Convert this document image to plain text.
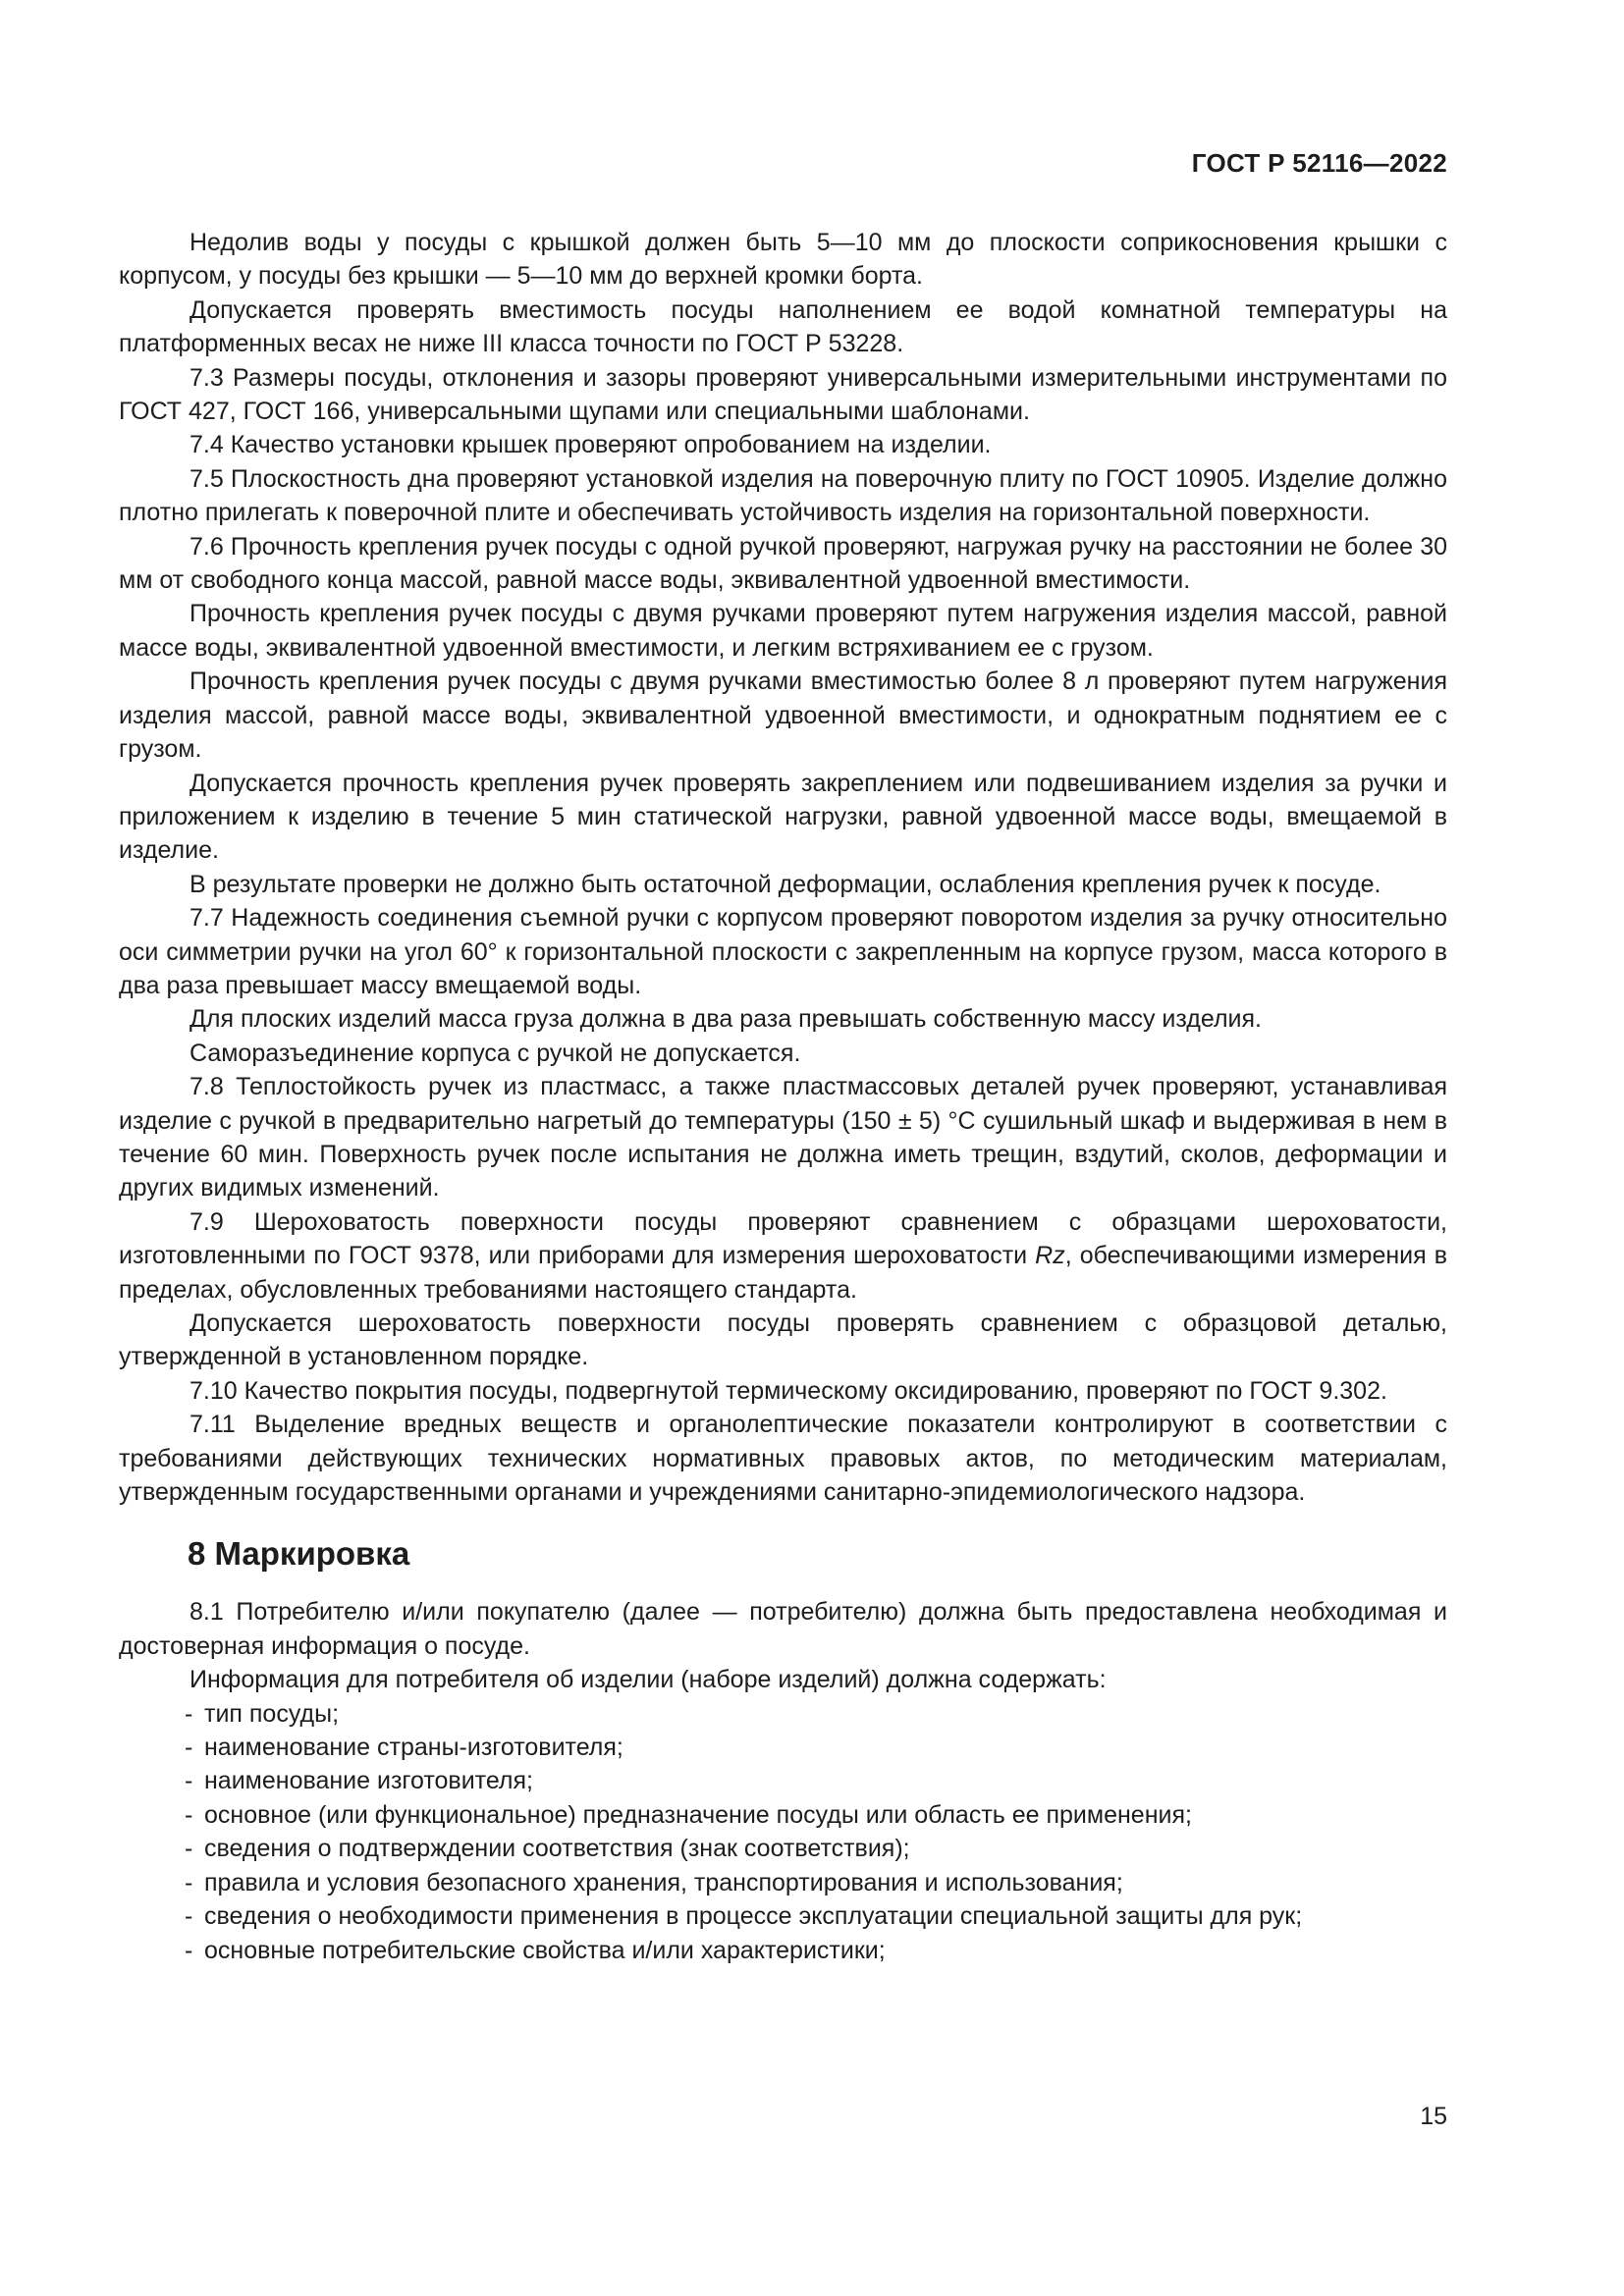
ГОСТ Р 52116—2022

Недолив воды у посуды с крышкой должен быть 5—10 мм до плоскости соприкосновения крышки с корпусом, у посуды без крышки — 5—10 мм до верхней кромки борта.

Допускается проверять вместимость посуды наполнением ее водой комнатной температуры на платформенных весах не ниже III класса точности по ГОСТ Р 53228.

7.3 Размеры посуды, отклонения и зазоры проверяют универсальными измерительными инструментами по ГОСТ 427, ГОСТ 166, универсальными щупами или специальными шаблонами.

7.4 Качество установки крышек проверяют опробованием на изделии.

7.5 Плоскостность дна проверяют установкой изделия на поверочную плиту по ГОСТ 10905. Изделие должно плотно прилегать к поверочной плите и обеспечивать устойчивость изделия на горизонтальной поверхности.

7.6 Прочность крепления ручек посуды с одной ручкой проверяют, нагружая ручку на расстоянии не более 30 мм от свободного конца массой, равной массе воды, эквивалентной удвоенной вместимости.

Прочность крепления ручек посуды с двумя ручками проверяют путем нагружения изделия массой, равной массе воды, эквивалентной удвоенной вместимости, и легким встряхиванием ее с грузом.

Прочность крепления ручек посуды с двумя ручками вместимостью более 8 л проверяют путем нагружения изделия массой, равной массе воды, эквивалентной удвоенной вместимости, и однократным поднятием ее с грузом.

Допускается прочность крепления ручек проверять закреплением или подвешиванием изделия за ручки и приложением к изделию в течение 5 мин статической нагрузки, равной удвоенной массе воды, вмещаемой в изделие.

В результате проверки не должно быть остаточной деформации, ослабления крепления ручек к посуде.

7.7 Надежность соединения съемной ручки с корпусом проверяют поворотом изделия за ручку относительно оси симметрии ручки на угол 60° к горизонтальной плоскости с закрепленным на корпусе грузом, масса которого в два раза превышает массу вмещаемой воды.

Для плоских изделий масса груза должна в два раза превышать собственную массу изделия.

Саморазъединение корпуса с ручкой не допускается.

7.8 Теплостойкость ручек из пластмасс, а также пластмассовых деталей ручек проверяют, устанавливая изделие с ручкой в предварительно нагретый до температуры (150 ± 5) °С сушильный шкаф и выдерживая в нем в течение 60 мин. Поверхность ручек после испытания не должна иметь трещин, вздутий, сколов, деформации и других видимых изменений.

7.9 Шероховатость поверхности посуды проверяют сравнением с образцами шероховатости, изготовленными по ГОСТ 9378, или приборами для измерения шероховатости Rz, обеспечивающими измерения в пределах, обусловленных требованиями настоящего стандарта.

Допускается шероховатость поверхности посуды проверять сравнением с образцовой деталью, утвержденной в установленном порядке.

7.10 Качество покрытия посуды, подвергнутой термическому оксидированию, проверяют по ГОСТ 9.302.

7.11 Выделение вредных веществ и органолептические показатели контролируют в соответствии с требованиями действующих технических нормативных правовых актов, по методическим материалам, утвержденным государственными органами и учреждениями санитарно-эпидемиологического надзора.

8 Маркировка

8.1 Потребителю и/или покупателю (далее — потребителю) должна быть предоставлена необходимая и достоверная информация о посуде.

Информация для потребителя об изделии (наборе изделий) должна содержать:

- тип посуды;
- наименование страны-изготовителя;
- наименование изготовителя;
- основное (или функциональное) предназначение посуды или область ее применения;
- сведения о подтверждении соответствия (знак соответствия);
- правила и условия безопасного хранения, транспортирования и использования;
- сведения о необходимости применения в процессе эксплуатации специальной защиты для рук;
- основные потребительские свойства и/или характеристики;
15
